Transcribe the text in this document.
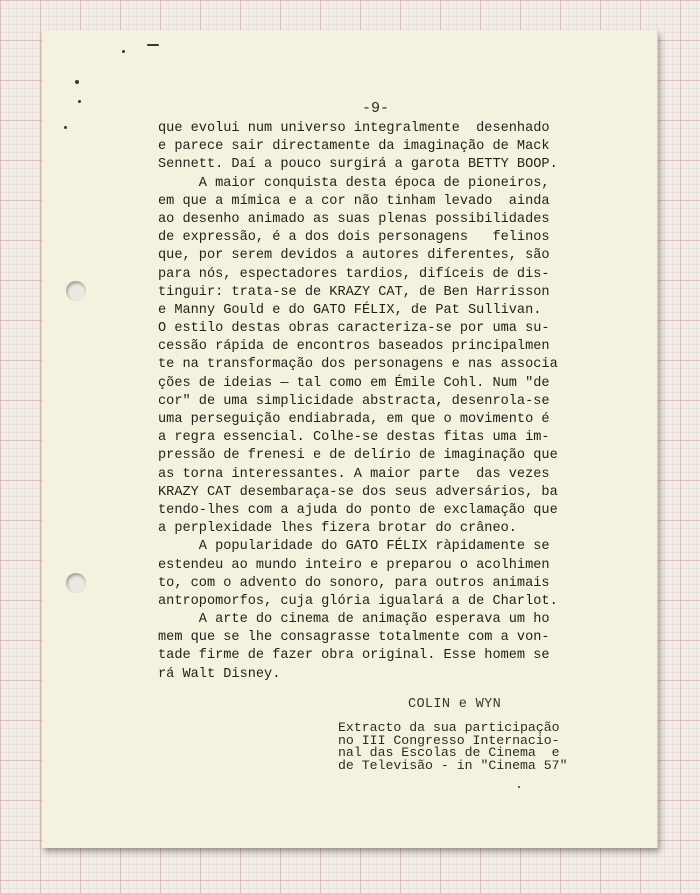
-9-

que evolui num universo integralmente  desenhado
e parece sair directamente da imaginação de Mack
Sennett. Daí a pouco surgirá a garota BETTY BOOP.
A maior conquista desta época de pioneiros,
em que a mímica e a cor não tinham levado  ainda
ao desenho animado as suas plenas possibilidades
de expressão, é a dos dois personagens   felinos
que, por serem devidos a autores diferentes, são
para nós, espectadores tardios, difíceis de dis-
tinguir: trata-se de KRAZY CAT, de Ben Harrisson
e Manny Gould e do GATO FÉLIX, de Pat Sullivan.
O estilo destas obras caracteriza-se por uma su-
cessão rápida de encontros baseados principalmen
te na transformação dos personagens e nas associa
ções de ideias — tal como em Émile Cohl. Num "de
cor" de uma simplicidade abstracta, desenrola-se
uma perseguição endiabrada, em que o movimento é
a regra essencial. Colhe-se destas fitas uma im-
pressão de frenesi e de delírio de imaginação que
as torna interessantes. A maior parte  das vezes
KRAZY CAT desembaraça-se dos seus adversários, ba
tendo-lhes com a ajuda do ponto de exclamação que
a perplexidade lhes fizera brotar do crâneo.
A popularidade do GATO FÉLIX ràpidamente se
estendeu ao mundo inteiro e preparou o acolhimen
to, com o advento do sonoro, para outros animais
antropomorfos, cuja glória igualará a de Charlot.
A arte do cinema de animação esperava um ho
mem que se lhe consagrasse totalmente com a von-
tade firme de fazer obra original. Esse homem se
rá Walt Disney.

COLIN e WYN

Extracto da sua participação
no III Congresso Internacio-
nal das Escolas de Cinema  e
de Televisão - in "Cinema 57"
